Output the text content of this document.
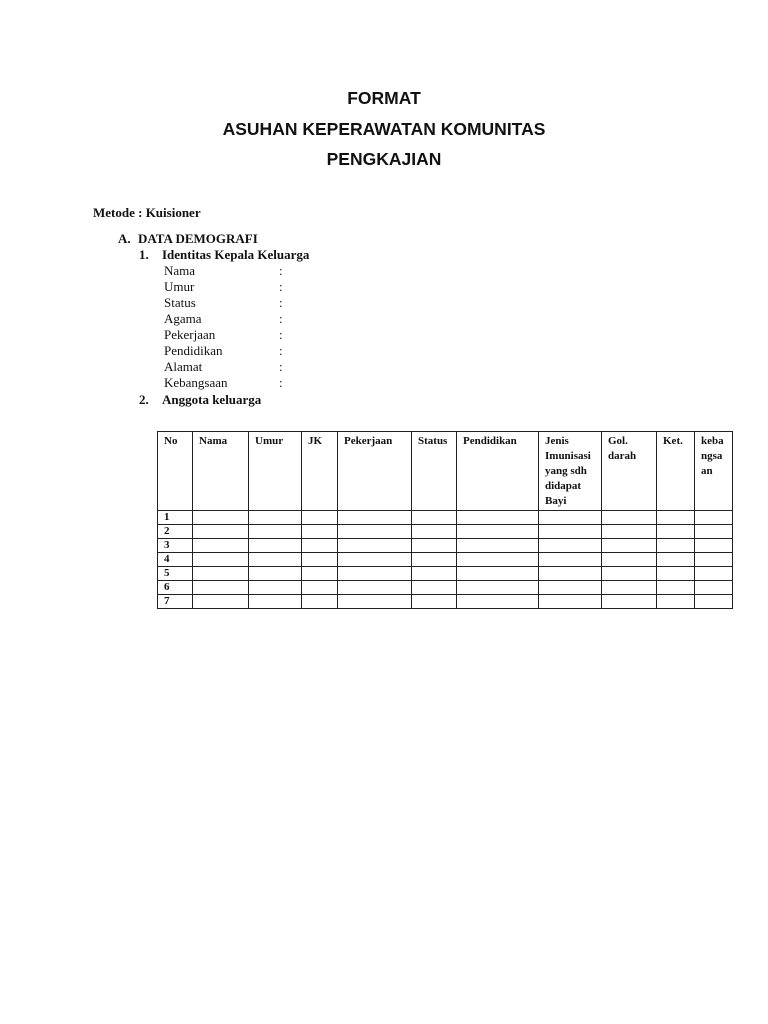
FORMAT
ASUHAN KEPERAWATAN KOMUNITAS
PENGKAJIAN
Metode : Kuisioner
A. DATA DEMOGRAFI
1. Identitas Kepala Keluarga
Nama	:
Umur	:
Status	:
Agama	:
Pekerjaan	:
Pendidikan	:
Alamat	:
Kebangsaan	:
2. Anggota keluarga
No	Nama	Umur	JK	Pekerjaan	Status	Pendidikan	Jenis Imunisasi yang sdh didapat Bayi	Gol. darah	Ket.	kebangsaan
1										
2										
3										
4										
5										
6										
7										
